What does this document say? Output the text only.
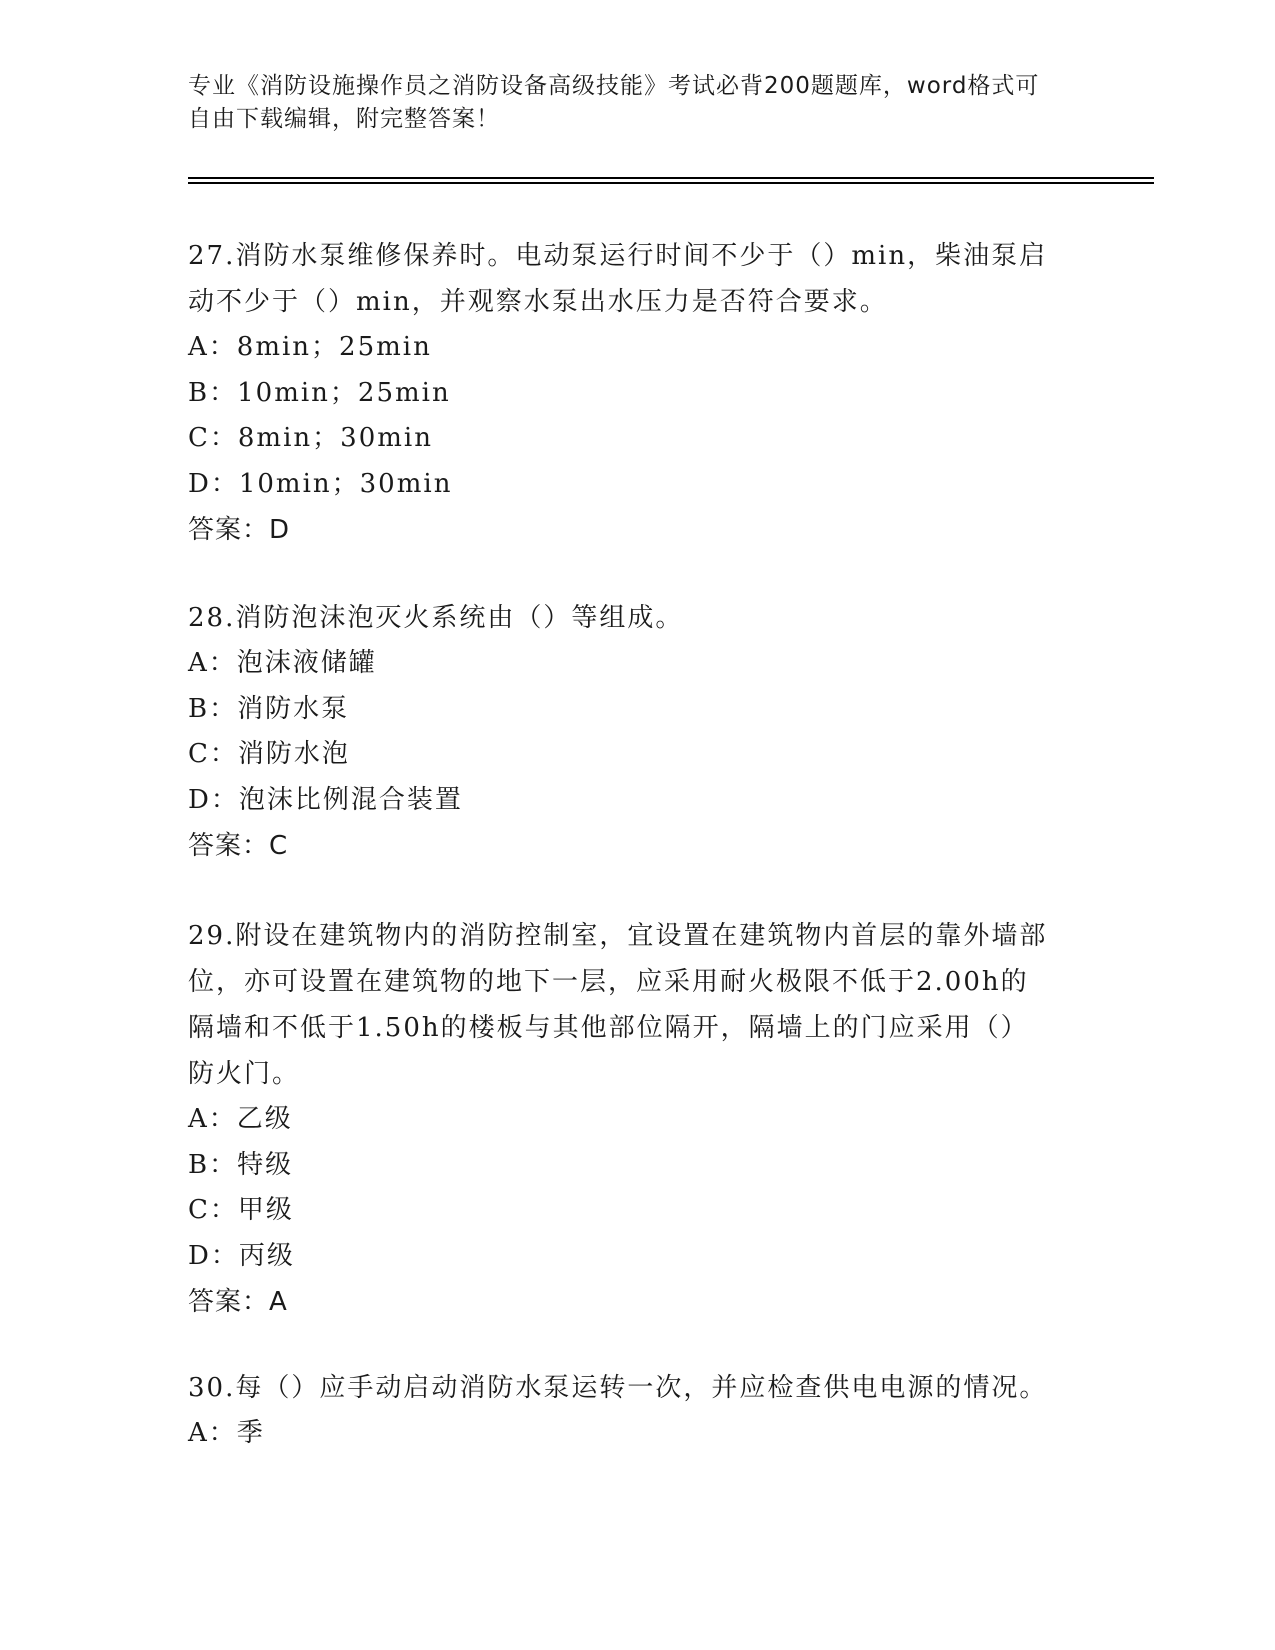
专业《消防设施操作员之消防设备高级技能》考试必背200题题库，word格式可
自由下载编辑，附完整答案！
27.消防水泵维修保养时。电动泵运行时间不少于（）min，柴油泵启
动不少于（）min，并观察水泵出水压力是否符合要求。
A：8min；25min
B：10min；25min
C：8min；30min
D：10min；30min
答案：D
28.消防泡沫泡灭火系统由（）等组成。
A：泡沫液储罐
B：消防水泵
C：消防水泡
D：泡沫比例混合装置
答案：C
29.附设在建筑物内的消防控制室，宜设置在建筑物内首层的靠外墙部
位，亦可设置在建筑物的地下一层，应采用耐火极限不低于2.00h的
隔墙和不低于1.50h的楼板与其他部位隔开，隔墙上的门应采用（）
防火门。
A：乙级
B：特级
C：甲级
D：丙级
答案：A
30.每（）应手动启动消防水泵运转一次，并应检查供电电源的情况。
A：季
